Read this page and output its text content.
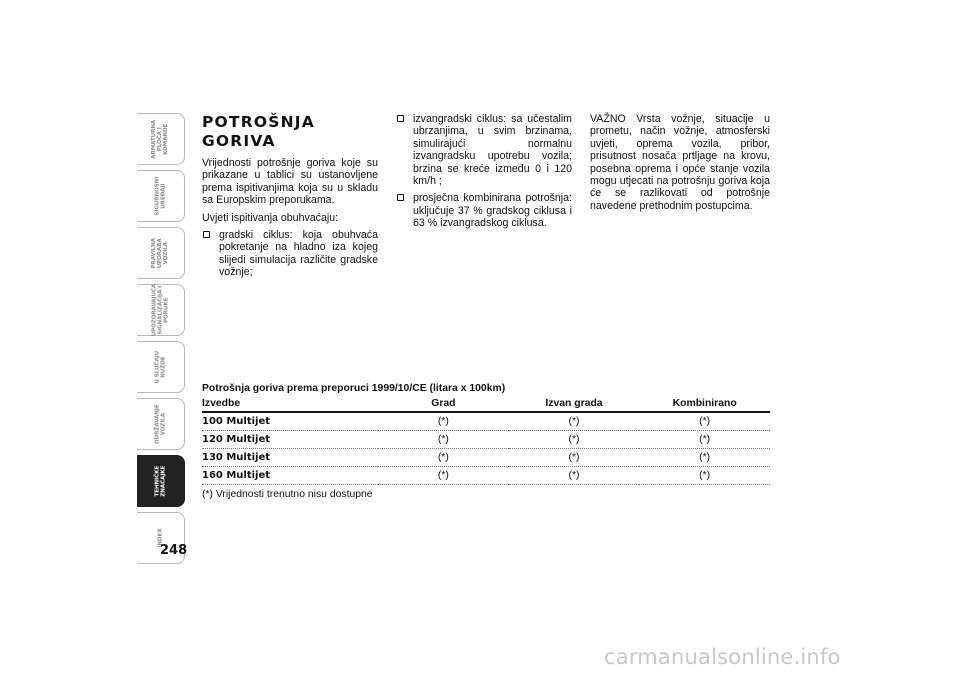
ARMATURNA
PLOČA I
KOMANDE
SIGURNOSNI
UREĐAJI
PRAVILNA
UPORABA
VOZILA
UPOZORAVAJUĆA
SIGNALIZACIJA I
PORUKE
U SLUČAJU
NUŽDE
ODRŽAVANJE
VOZILA
TEHNIČKE
ZNAČAJKE
INDEX
248
POTROŠNJA GORIVA

Vrijednosti potrošnje goriva koje su prikazane u tablici su ustanovljene prema ispitivanjima koja su u skladu sa Europskim preporukama.

Uvjeti ispitivanja obuhvaćaju:

gradski ciklus: koja obuhvaća pokretanje na hladno iza kojeg slijedi simulacija različite gradske vožnje;
izvangradski ciklus: sa učestalim ubrzanjima, u svim brzinama, simulirajući normalnu izvangradsku upotrebu vozila; brzina se kreće između 0 i 120 km/h ;
prosječna kombinirana potrošnja: uključuje 37 % gradskog ciklusa i 63 % izvangradskog ciklusa.

VAŽNO Vrsta vožnje, situacije u prometu, način vožnje, atmosferski uvjeti, oprema vozila, pribor, prisutnost nosača prtljage na krovu, posebna oprema i opće stanje vozila mogu utjecati na potrošnju goriva koja će se razlikovati od potrošnje navedene prethodnim postupcima.

Potrošnja goriva prema preporuci 1999/10/CE (litara x 100km)
Izvedbe	Grad	Izvan grada	Kombinirano
100 Multijet	(*)	(*)	(*)
120 Multijet	(*)	(*)	(*)
130 Multijet	(*)	(*)	(*)
160 Multijet	(*)	(*)	(*)
(*) Vrijednosti trenutno nisu dostupne
carmanualsonline.info
